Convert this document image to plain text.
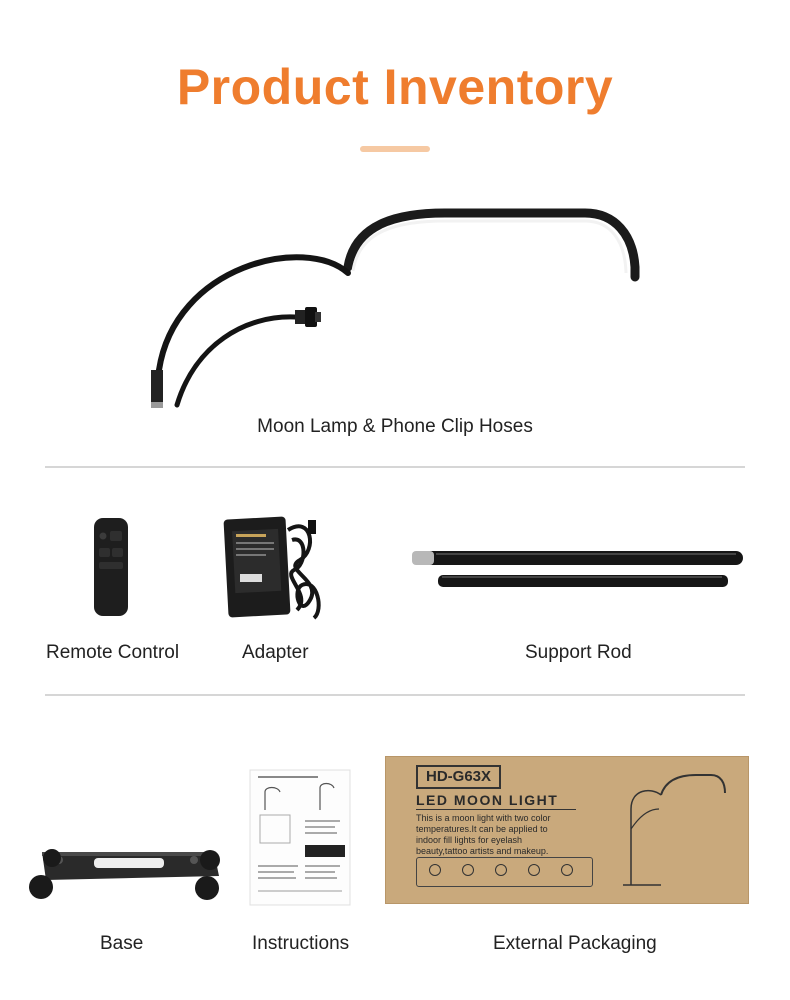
Product Inventory
Moon Lamp & Phone Clip Hoses
Remote Control	Adapter	Support Rod
Base	Instructions
HD-G63X
LED MOON LIGHT
This is a moon light with two color
temperatures.It can be applied to
indoor fill lights for eyelash
beauty,tattoo artists and makeup.
External Packaging
